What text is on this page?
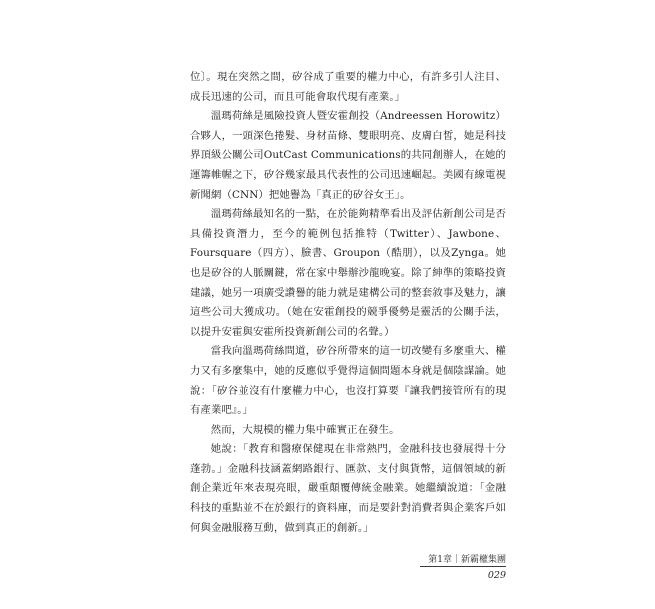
位〕。現在突然之間，矽谷成了重要的權力中心，有許多引人注目、成長迅速的公司，而且可能會取代現有產業。」

溫瑪荷絲是風險投資人暨安霍創投（Andreessen Horowitz）合夥人，一頭深色捲髮、身材苗條、雙眼明亮、皮膚白皙，她是科技界頂級公關公司OutCast Communications的共同創辦人，在她的運籌帷幄之下，矽谷幾家最具代表性的公司迅速崛起。美國有線電視新聞網（CNN）把她譽為「真正的矽谷女王」。

溫瑪荷絲最知名的一點，在於能夠精準看出及評估新創公司是否具備投資潛力，至今的範例包括推特（Twitter）、Jawbone、Foursquare（四方）、臉書、Groupon（酷朋），以及Zynga。她也是矽谷的人脈關鍵，常在家中舉辦沙龍晚宴。除了紳準的策略投資建議，她另一項廣受讚譽的能力就是建構公司的整套敘事及魅力，讓這些公司大獲成功。（她在安霍創投的競爭優勢是靈活的公關手法，以提升安霍與安霍所投資新創公司的名聲。）

當我向溫瑪荷絲問道，矽谷所帶來的這一切改變有多麼重大、權力又有多麼集中，她的反應似乎覺得這個問題本身就是個陰謀論。她說：「矽谷並沒有什麼權力中心，也沒打算要『讓我們接管所有的現有產業吧』。」

然而，大規模的權力集中確實正在發生。

她說：「教育和醫療保健現在非常熱門，金融科技也發展得十分蓬勃。」金融科技涵蓋網路銀行、匯款、支付與貨幣，這個領域的新創企業近年來表現亮眼，嚴重顛覆傳統金融業。她繼續說道：「金融科技的重點並不在於銀行的資料庫，而是要針對消費者與企業客戶如何與金融服務互動，做到真正的創新。」

第1章｜新霸權集團
029
